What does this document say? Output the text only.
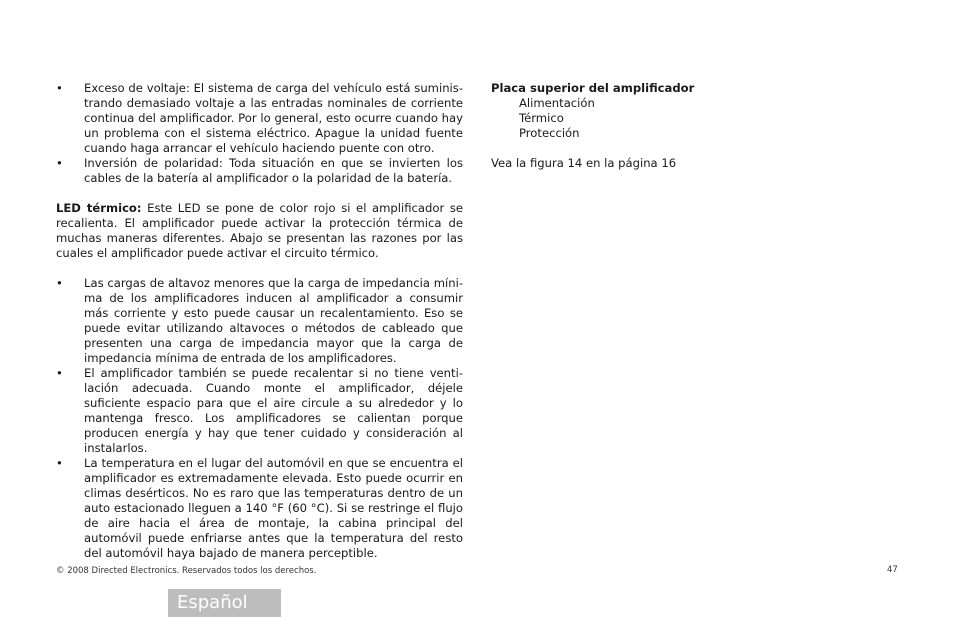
• Exceso de voltaje: El sistema de carga del vehículo está suministrando demasiado voltaje a las entradas nominales de corriente continua del amplificador. Por lo general, esto ocurre cuando hay un problema con el sistema eléctrico. Apague la unidad fuente cuando haga arrancar el vehículo haciendo puente con otro.
• Inversión de polaridad: Toda situación en que se invierten los cables de la batería al amplificador o la polaridad de la batería.

LED térmico: Este LED se pone de color rojo si el amplificador se recalienta. El amplificador puede activar la protección térmica de muchas maneras diferentes. Abajo se presentan las razones por las cuales el amplificador puede activar el circuito térmico.

• Las cargas de altavoz menores que la carga de impedancia mínima de los amplificadores inducen al amplificador a consumir más corriente y esto puede causar un recalentamiento. Eso se puede evitar utilizando altavoces o métodos de cableado que presenten una carga de impedancia mayor que la carga de impedancia mínima de entrada de los amplificadores.
• El amplificador también se puede recalentar si no tiene ventilación adecuada. Cuando monte el amplificador, déjele suficiente espacio para que el aire circule a su alrededor y lo mantenga fresco. Los amplificadores se calientan porque producen energía y hay que tener cuidado y consideración al instalarlos.
• La temperatura en el lugar del automóvil en que se encuentra el amplificador es extremadamente elevada. Esto puede ocurrir en climas desérticos. No es raro que las temperaturas dentro de un auto estacionado lleguen a 140 °F (60 °C). Si se restringe el flujo de aire hacia el área de montaje, la cabina principal del automóvil puede enfriarse antes que la temperatura del resto del automóvil haya bajado de manera perceptible.

Placa superior del amplificador

Alimentación

Térmico

Protección

Vea la figura 14 en la página 16

© 2008 Directed Electronics. Reservados todos los derechos.	47
Español
